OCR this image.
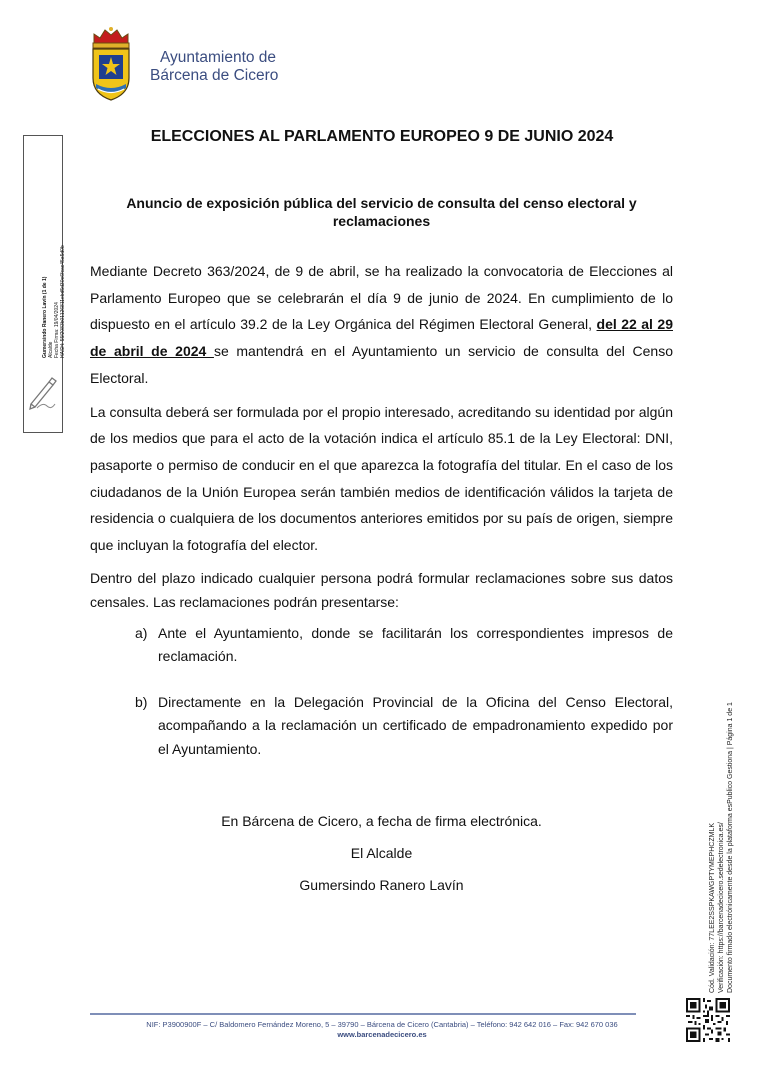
Ayuntamiento de
Bárcena de Cicero
Gumersindo Ranero Lavín (1 de 1) Alcalde Fecha Firma: 19/04/2024 HASH: 55f2083b01126811ebd5d30e6fcac45a5d0b
ELECCIONES AL PARLAMENTO EUROPEO 9 DE JUNIO 2024
Anuncio de exposición pública del servicio de consulta del censo electoral y reclamaciones

Mediante Decreto 363/2024, de 9 de abril, se ha realizado la convocatoria de Elecciones al Parlamento Europeo que se celebrarán el día 9 de junio de 2024. En cumplimiento de lo dispuesto en el artículo 39.2 de la Ley Orgánica del Régimen Electoral General, del 22 al 29 de abril de 2024 se mantendrá en el Ayuntamiento un servicio de consulta del Censo Electoral.

La consulta deberá ser formulada por el propio interesado, acreditando su identidad por algún de los medios que para el acto de la votación indica el artículo 85.1 de la Ley Electoral: DNI, pasaporte o permiso de conducir en el que aparezca la fotografía del titular. En el caso de los ciudadanos de la Unión Europea serán también medios de identificación válidos la tarjeta de residencia o cualquiera de los documentos anteriores emitidos por su país de origen, siempre que incluyan la fotografía del elector.

Dentro del plazo indicado cualquier persona podrá formular reclamaciones sobre sus datos censales. Las reclamaciones podrán presentarse:

a) Ante el Ayuntamiento, donde se facilitarán los correspondientes impresos de reclamación.
b) Directamente en la Delegación Provincial de la Oficina del Censo Electoral, acompañando a la reclamación un certificado de empadronamiento expedido por el Ayuntamiento.
En Bárcena de Cicero, a fecha de firma electrónica.
El Alcalde
Gumersindo Ranero Lavín	Cód. Validación: 77LEE2SSPKAWGPTYMEPHCZMLK Verificación: https://barcenadecicero.sedelectronica.es/ Documento firmado electrónicamente desde la plataforma esPublico Gestiona | Página 1 de 1
NIF: P3900900F – C/ Baldomero Fernández Moreno, 5 – 39790 – Bárcena de Cicero (Cantabria) – Teléfono: 942 642 016 – Fax: 942 670 036
www.barcenadecicero.es
